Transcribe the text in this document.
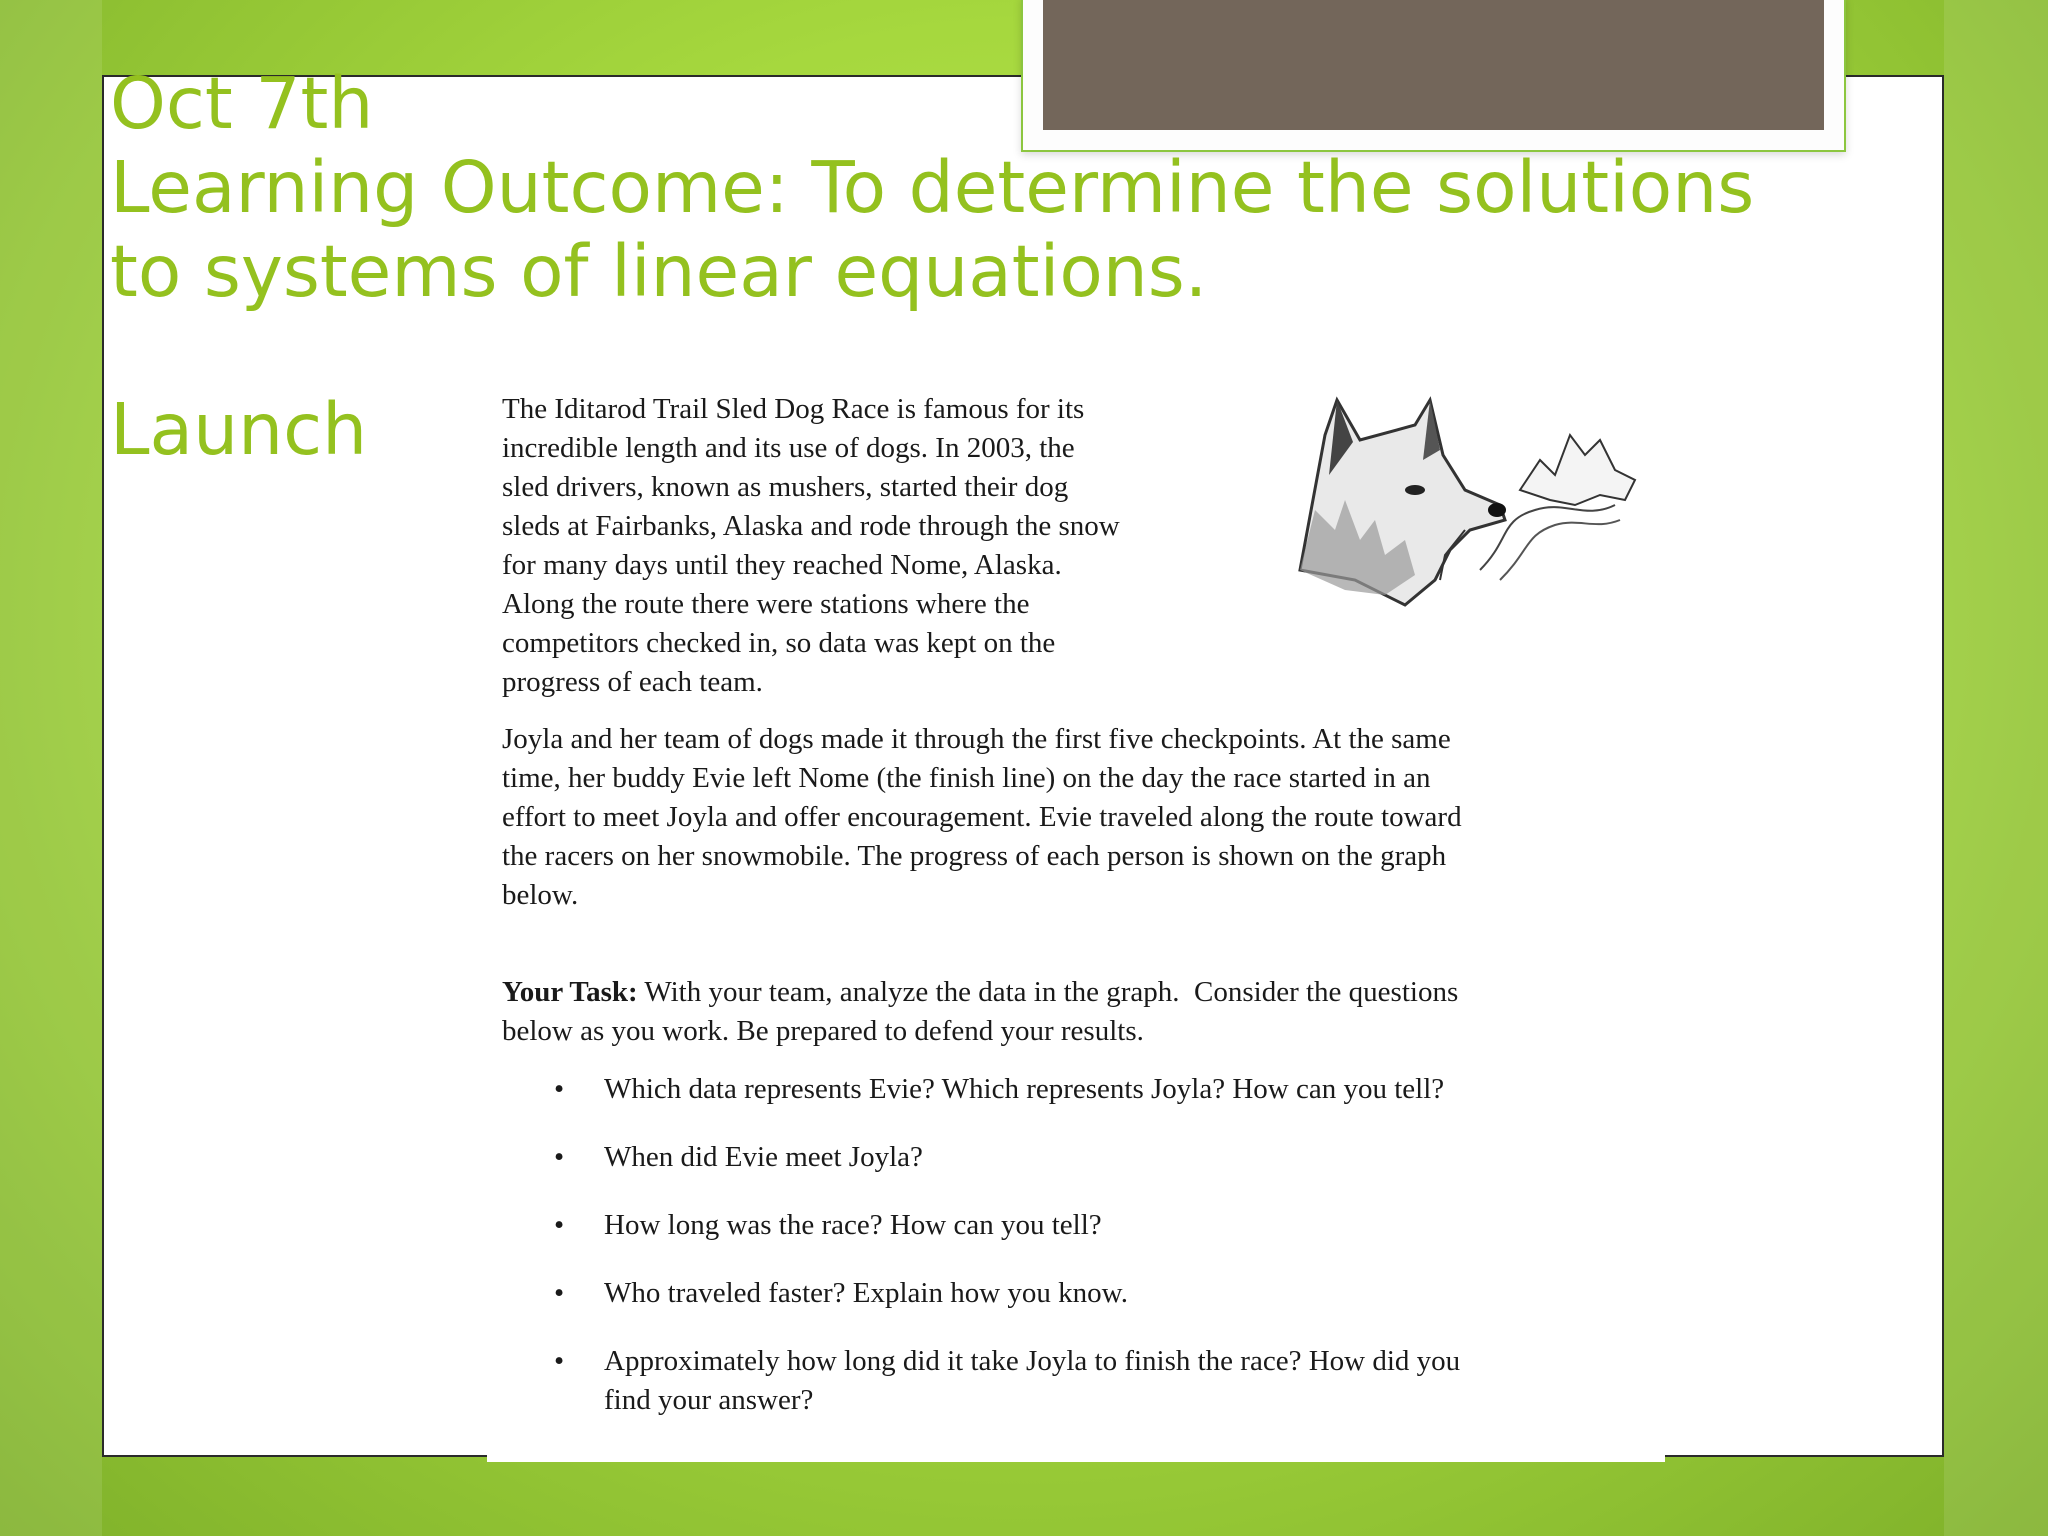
Oct 7th
Learning Outcome: To determine the solutions
to systems of linear equations.
Launch	The Iditarod Trail Sled Dog Race is famous for its
incredible length and its use of dogs. In 2003, the
sled drivers, known as mushers, started their dog
sleds at Fairbanks, Alaska and rode through the snow
for many days until they reached Nome, Alaska.
Along the route there were stations where the
competitors checked in, so data was kept on the
progress of each team.

Joyla and her team of dogs made it through the first five checkpoints. At the same
time, her buddy Evie left Nome (the finish line) on the day the race started in an
effort to meet Joyla and offer encouragement. Evie traveled along the route toward
the racers on her snowmobile. The progress of each person is shown on the graph
below.

Your Task: With your team, analyze the data in the graph.  Consider the questions
below as you work. Be prepared to defend your results.

• Which data represents Evie? Which represents Joyla? How can you tell?
• When did Evie meet Joyla?
• How long was the race? How can you tell?
• Who traveled faster? Explain how you know.
• Approximately how long did it take Joyla to finish the race? How did you
find your answer?
